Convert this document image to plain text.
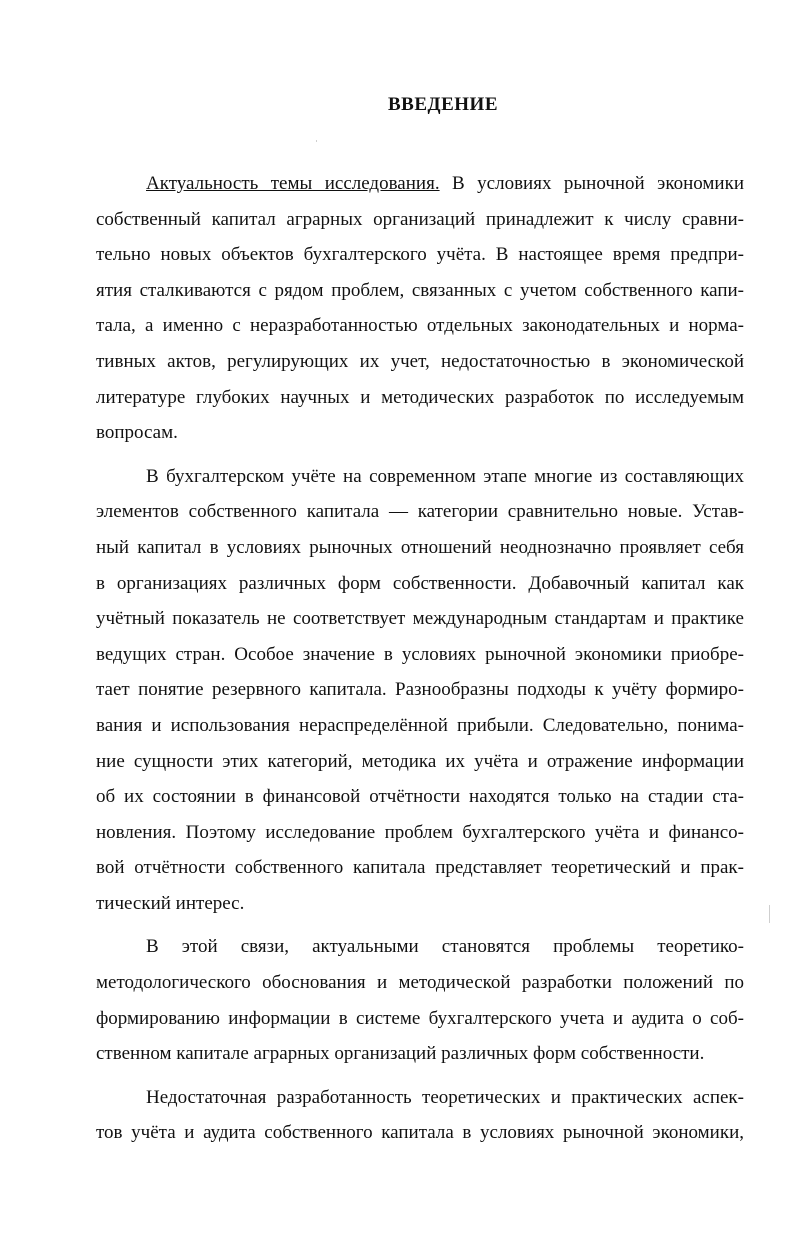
ВВЕДЕНИЕ
Актуальность темы исследования. В условиях рыночной экономики
собственный капитал аграрных организаций принадлежит к числу сравни-
тельно новых объектов бухгалтерского учёта. В настоящее время предпри-
ятия сталкиваются с рядом проблем, связанных с учетом собственного капи-
тала, а именно с неразработанностью отдельных законодательных и норма-
тивных актов, регулирующих их учет, недостаточностью в экономической
литературе глубоких научных и методических разработок по исследуемым
вопросам.
В бухгалтерском учёте на современном этапе многие из составляющих
элементов собственного капитала — категории сравнительно новые. Устав-
ный капитал в условиях рыночных отношений неоднозначно проявляет себя
в организациях различных форм собственности. Добавочный капитал как
учётный показатель не соответствует международным стандартам и практике
ведущих стран. Особое значение в условиях рыночной экономики приобре-
тает понятие резервного капитала. Разнообразны подходы к учёту формиро-
вания и использования нераспределённой прибыли. Следовательно, понима-
ние сущности этих категорий, методика их учёта и отражение информации
об их состоянии в финансовой отчётности находятся только на стадии ста-
новления. Поэтому исследование проблем бухгалтерского учёта и финансо-
вой отчётности собственного капитала представляет теоретический и прак-
тический интерес.
В этой связи, актуальными становятся проблемы теоретико-
методологического обоснования и методической разработки положений по
формированию информации в системе бухгалтерского учета и аудита о соб-
ственном капитале аграрных организаций различных форм собственности.
Недостаточная разработанность теоретических и практических аспек-
тов учёта и аудита собственного капитала в условиях рыночной экономики,
